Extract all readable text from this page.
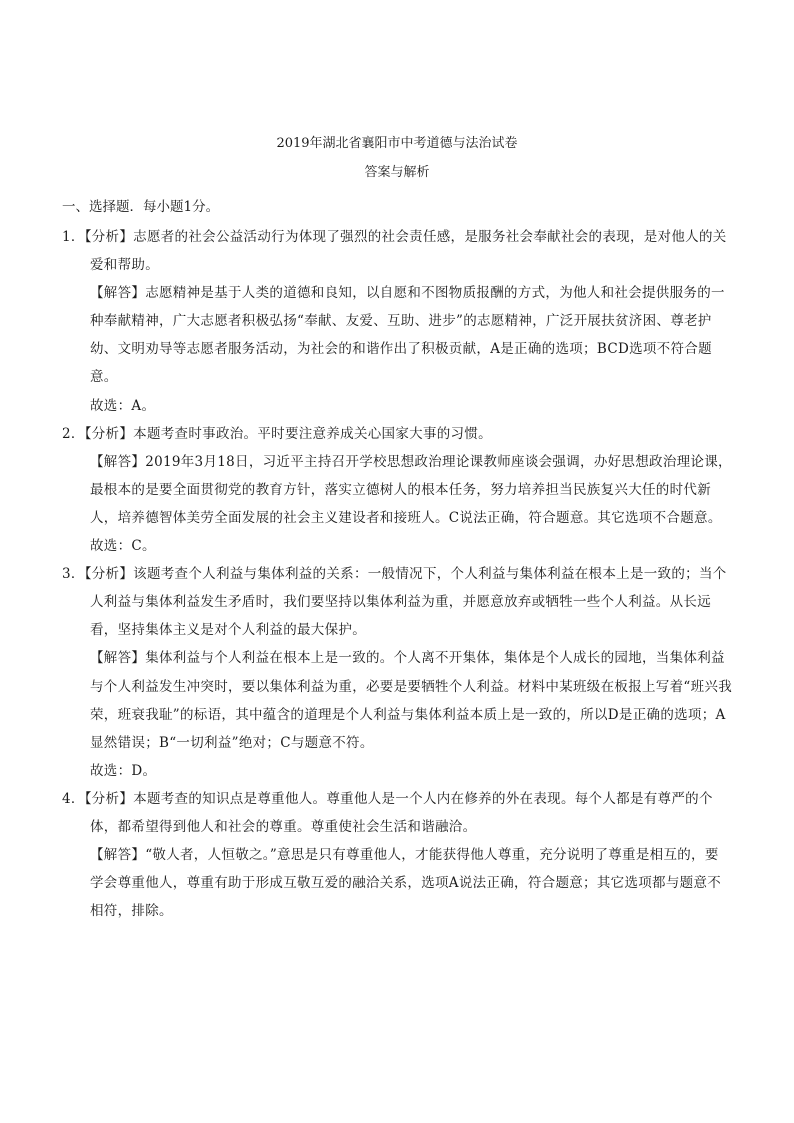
2019年湖北省襄阳市中考道德与法治试卷
答案与解析
一、选择题．每小题1分。

1．【分析】志愿者的社会公益活动行为体现了强烈的社会责任感，是服务社会奉献社会的表现，是对他人的关爱和帮助。

【解答】志愿精神是基于人类的道德和良知，以自愿和不图物质报酬的方式，为他人和社会提供服务的一种奉献精神，广大志愿者积极弘扬“奉献、友爱、互助、进步”的志愿精神，广泛开展扶贫济困、尊老护幼、文明劝导等志愿者服务活动，为社会的和谐作出了积极贡献，A是正确的选项；BCD选项不符合题意。

故选：A。

2．【分析】本题考查时事政治。平时要注意养成关心国家大事的习惯。

【解答】2019年3月18日，习近平主持召开学校思想政治理论课教师座谈会强调，办好思想政治理论课，最根本的是要全面贯彻党的教育方针，落实立德树人的根本任务，努力培养担当民族复兴大任的时代新人，培养德智体美劳全面发展的社会主义建设者和接班人。C说法正确，符合题意。其它选项不合题意。

故选：C。

3．【分析】该题考查个人利益与集体利益的关系：一般情况下，个人利益与集体利益在根本上是一致的；当个人利益与集体利益发生矛盾时，我们要坚持以集体利益为重，并愿意放弃或牺牲一些个人利益。从长远看，坚持集体主义是对个人利益的最大保护。

【解答】集体利益与个人利益在根本上是一致的。个人离不开集体，集体是个人成长的园地，当集体利益与个人利益发生冲突时，要以集体利益为重，必要是要牺牲个人利益。材料中某班级在板报上写着“班兴我荣，班衰我耻”的标语，其中蕴含的道理是个人利益与集体利益本质上是一致的，所以D是正确的选项；A显然错误；B“一切利益”绝对；C与题意不符。

故选：D。

4．【分析】本题考查的知识点是尊重他人。尊重他人是一个人内在修养的外在表现。每个人都是有尊严的个体，都希望得到他人和社会的尊重。尊重使社会生活和谐融洽。

【解答】“敬人者，人恒敬之。”意思是只有尊重他人，才能获得他人尊重，充分说明了尊重是相互的，要学会尊重他人，尊重有助于形成互敬互爱的融洽关系，选项A说法正确，符合题意；其它选项都与题意不相符，排除。
